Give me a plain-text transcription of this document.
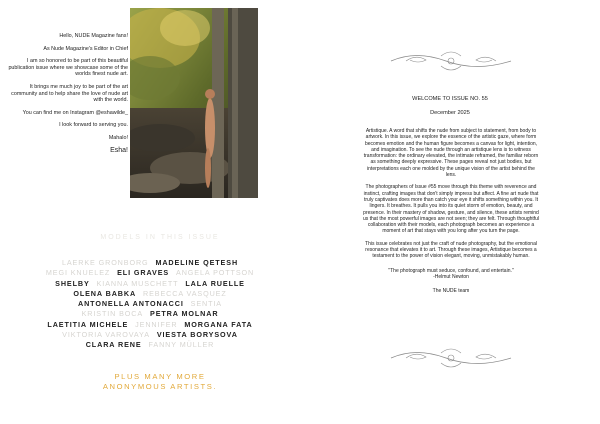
Hello, NUDE Magazine fans!

As Nude Magazine's Editor in Chief

I am so honored to be part of this beautiful publication issue where we showcase some of the worlds finest nude art.

It brings me much joy to be part of the art community and to help share the love of nude art with the world.

You can find me on Instagram @eshawilde_

I look forward to serving you.

Mahalo!

Esha!

MODELS IN THIS ISSUE
LAERKE GRONBORG MADELINE QETESH
MEGI KNUELEZ ELI GRAVES ANGELA POTTSON
SHELBY KIANNA MUSCHETT LALA RUELLE
OLENA BABKA REBECCA VASQUEZ
ANTONELLA ANTONACCI SENTIA
KRISTIN BOCA PETRA MOLNAR
LAETITIA MICHELE JENNIFER MORGANA FATA
VIKTORIA VAROVAYA VIESTA BORYSOVA
CLARA RENE FANNY MÜLLER
PLUS MANY MORE
ANONYMOUS ARTISTS.
WELCOME TO ISSUE NO. 55
December 2025

Artistique. A word that shifts the nude from subject to statement, from body to artwork. In this issue, we explore the essence of the artistic gaze, where form becomes emotion and the human figure becomes a canvas for light, intention, and imagination. To see the nude through an artistique lens is to witness transformation: the ordinary elevated, the intimate reframed, the familiar reborn as something deeply expressive. These pages reveal not just bodies, but interpretations each one molded by the unique vision of the artist behind the lens.

The photographers of Issue #55 move through this theme with reverence and instinct, crafting images that don't simply impress but affect. A fine art nude that truly captivates does more than catch your eye it shifts something within you. It lingers. It breathes. It pulls you into its quiet storm of emotion, beauty, and presence. In their mastery of shadow, gesture, and silence, these artists remind us that the most powerful images are not seen; they are felt. Through thoughtful collaboration with their models, each photograph becomes an experience a moment of art that stays with you long after you turn the page.

This issue celebrates not just the craft of nude photography, but the emotional resonance that elevates it to art. Through these images, Artistique becomes a testament to the power of vision elegant, moving, unmistakably human.

"The photograph must seduce, confound, and entertain."

-Helmut Newton

The NUDE team
